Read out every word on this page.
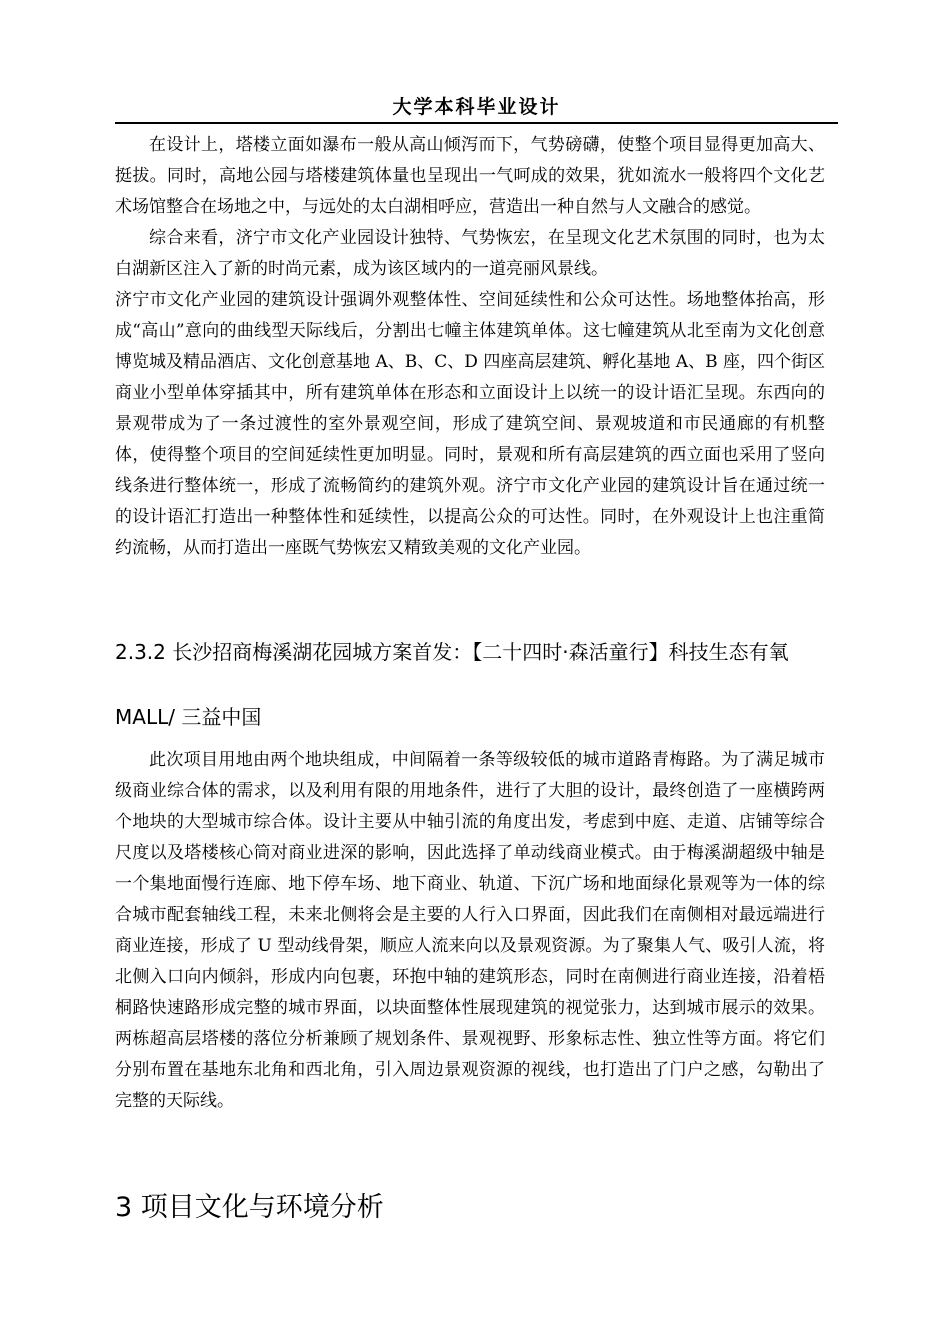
大学本科毕业设计

在设计上，塔楼立面如瀑布一般从高山倾泻而下，气势磅礴，使整个项目显得更加高大、挺拔。同时，高地公园与塔楼建筑体量也呈现出一气呵成的效果，犹如流水一般将四个文化艺术场馆整合在场地之中，与远处的太白湖相呼应，营造出一种自然与人文融合的感觉。

综合来看，济宁市文化产业园设计独特、气势恢宏，在呈现文化艺术氛围的同时，也为太白湖新区注入了新的时尚元素，成为该区域内的一道亮丽风景线。

济宁市文化产业园的建筑设计强调外观整体性、空间延续性和公众可达性。场地整体抬高，形成“高山”意向的曲线型天际线后，分割出七幢主体建筑单体。这七幢建筑从北至南为文化创意博览城及精品酒店、文化创意基地 A、B、C、D 四座高层建筑、孵化基地 A、B 座，四个街区商业小型单体穿插其中，所有建筑单体在形态和立面设计上以统一的设计语汇呈现。东西向的景观带成为了一条过渡性的室外景观空间，形成了建筑空间、景观坡道和市民通廊的有机整体，使得整个项目的空间延续性更加明显。同时，景观和所有高层建筑的西立面也采用了竖向线条进行整体统一，形成了流畅简约的建筑外观。济宁市文化产业园的建筑设计旨在通过统一的设计语汇打造出一种整体性和延续性，以提高公众的可达性。同时，在外观设计上也注重简约流畅，从而打造出一座既气势恢宏又精致美观的文化产业园。

2.3.2 长沙招商梅溪湖花园城方案首发：【二十四时·森活童行】科技生态有氧 MALL/ 三益中国

此次项目用地由两个地块组成，中间隔着一条等级较低的城市道路青梅路。为了满足城市级商业综合体的需求，以及利用有限的用地条件，进行了大胆的设计，最终创造了一座横跨两个地块的大型城市综合体。设计主要从中轴引流的角度出发，考虑到中庭、走道、店铺等综合尺度以及塔楼核心筒对商业进深的影响，因此选择了单动线商业模式。由于梅溪湖超级中轴是一个集地面慢行连廊、地下停车场、地下商业、轨道、下沉广场和地面绿化景观等为一体的综合城市配套轴线工程，未来北侧将会是主要的人行入口界面，因此我们在南侧相对最远端进行商业连接，形成了 U 型动线骨架，顺应人流来向以及景观资源。为了聚集人气、吸引人流，将北侧入口向内倾斜，形成内向包裹，环抱中轴的建筑形态，同时在南侧进行商业连接，沿着梧桐路快速路形成完整的城市界面，以块面整体性展现建筑的视觉张力，达到城市展示的效果。 两栋超高层塔楼的落位分析兼顾了规划条件、景观视野、形象标志性、独立性等方面。将它们分别布置在基地东北角和西北角，引入周边景观资源的视线，也打造出了门户之感，勾勒出了完整的天际线。

3 项目文化与环境分析
